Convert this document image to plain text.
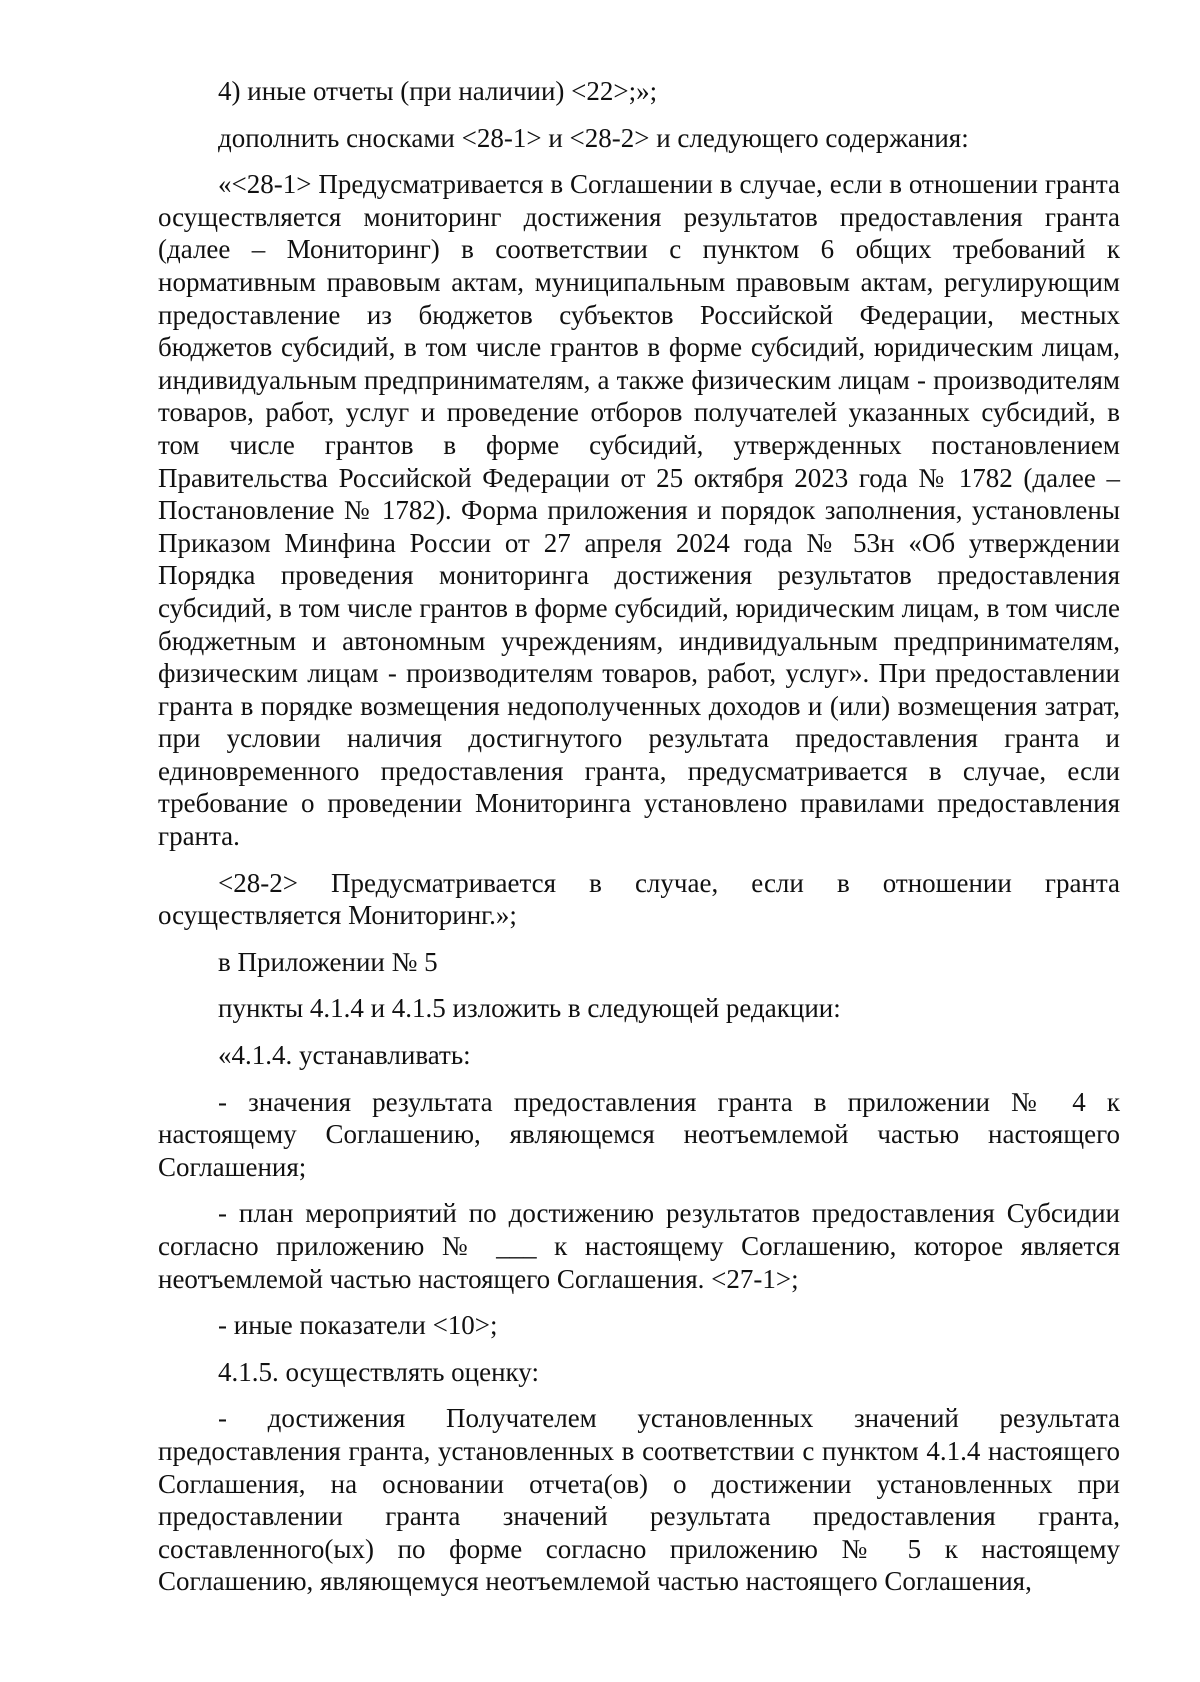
4) иные отчеты (при наличии) <22>;»;

дополнить сносками <28-1> и <28-2> и следующего содержания:

«<28-1> Предусматривается в Соглашении в случае, если в отношении гранта осуществляется мониторинг достижения результатов предоставления гранта (далее – Мониторинг) в соответствии с пунктом 6 общих требований к нормативным правовым актам, муниципальным правовым актам, регулирующим предоставление из бюджетов субъектов Российской Федерации, местных бюджетов субсидий, в том числе грантов в форме субсидий, юридическим лицам, индивидуальным предпринимателям, а также физическим лицам - производителям товаров, работ, услуг и проведение отборов получателей указанных субсидий, в том числе грантов в форме субсидий, утвержденных постановлением Правительства Российской Федерации от 25 октября 2023 года № 1782 (далее – Постановление № 1782). Форма приложения и порядок заполнения, установлены Приказом Минфина России от 27 апреля 2024 года № 53н «Об утверждении Порядка проведения мониторинга достижения результатов предоставления субсидий, в том числе грантов в форме субсидий, юридическим лицам, в том числе бюджетным и автономным учреждениям, индивидуальным предпринимателям, физическим лицам - производителям товаров, работ, услуг». При предоставлении гранта в порядке возмещения недополученных доходов и (или) возмещения затрат, при условии наличия достигнутого результата предоставления гранта и единовременного предоставления гранта, предусматривается в случае, если требование о проведении Мониторинга установлено правилами предоставления гранта.

<28-2> Предусматривается в случае, если в отношении гранта осуществляется Мониторинг.»;

в Приложении № 5

пункты 4.1.4 и 4.1.5 изложить в следующей редакции:

«4.1.4. устанавливать:

- значения результата предоставления гранта в приложении № 4 к настоящему Соглашению, являющемся неотъемлемой частью настоящего Соглашения;

- план мероприятий по достижению результатов предоставления Субсидии согласно приложению № ___ к настоящему Соглашению, которое является неотъемлемой частью настоящего Соглашения. <27-1>;

- иные показатели <10>;

4.1.5. осуществлять оценку:

- достижения Получателем установленных значений результата предоставления гранта, установленных в соответствии с пунктом 4.1.4 настоящего Соглашения, на основании отчета(ов) о достижении установленных при предоставлении гранта значений результата предоставления гранта, составленного(ых) по форме согласно приложению № 5 к настоящему Соглашению, являющемуся неотъемлемой частью настоящего Соглашения,
